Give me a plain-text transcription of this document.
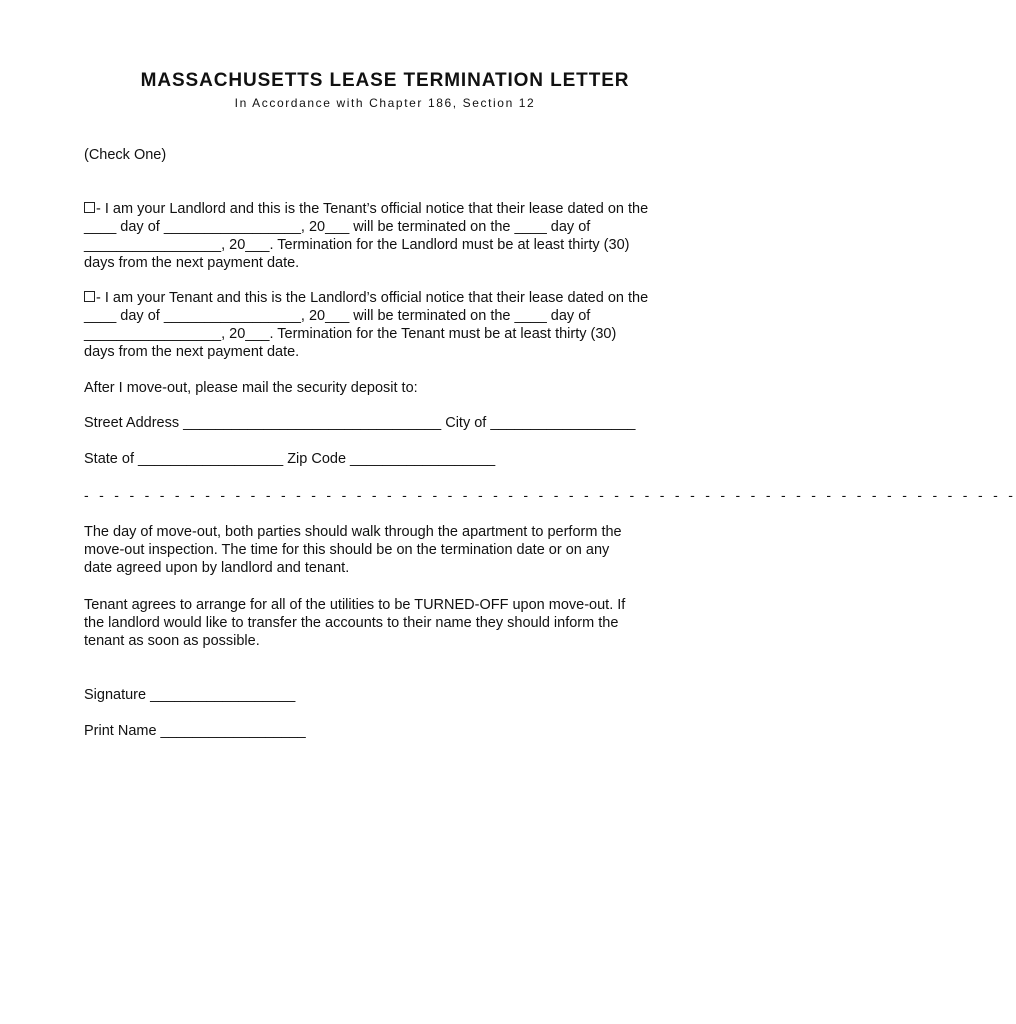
MASSACHUSETTS LEASE TERMINATION LETTER
In Accordance with Chapter 186, Section 12
(Check One)
- I am your Landlord and this is the Tenant’s official notice that their lease dated on the
____ day of _________________, 20___ will be terminated on the ____ day of
_________________, 20___. Termination for the Landlord must be at least thirty (30)
days from the next payment date.
- I am your Tenant and this is the Landlord’s official notice that their lease dated on the
____ day of _________________, 20___ will be terminated on the ____ day of
_________________, 20___. Termination for the Tenant must be at least thirty (30)
days from the next payment date.
After I move-out, please mail the security deposit to:
Street Address ________________________________ City of __________________
State of __________________ Zip Code __________________
- - - - - - - - - - - - - - - - - - - - - - - - - - - - - - - - - - - - - - - - - - - - - - - - - - - - - - - - - - - - - -
The day of move-out, both parties should walk through the apartment to perform the
move-out inspection. The time for this should be on the termination date or on any
date agreed upon by landlord and tenant.
Tenant agrees to arrange for all of the utilities to be TURNED-OFF upon move-out. If
the landlord would like to transfer the accounts to their name they should inform the
tenant as soon as possible.
Signature __________________
Print Name __________________
